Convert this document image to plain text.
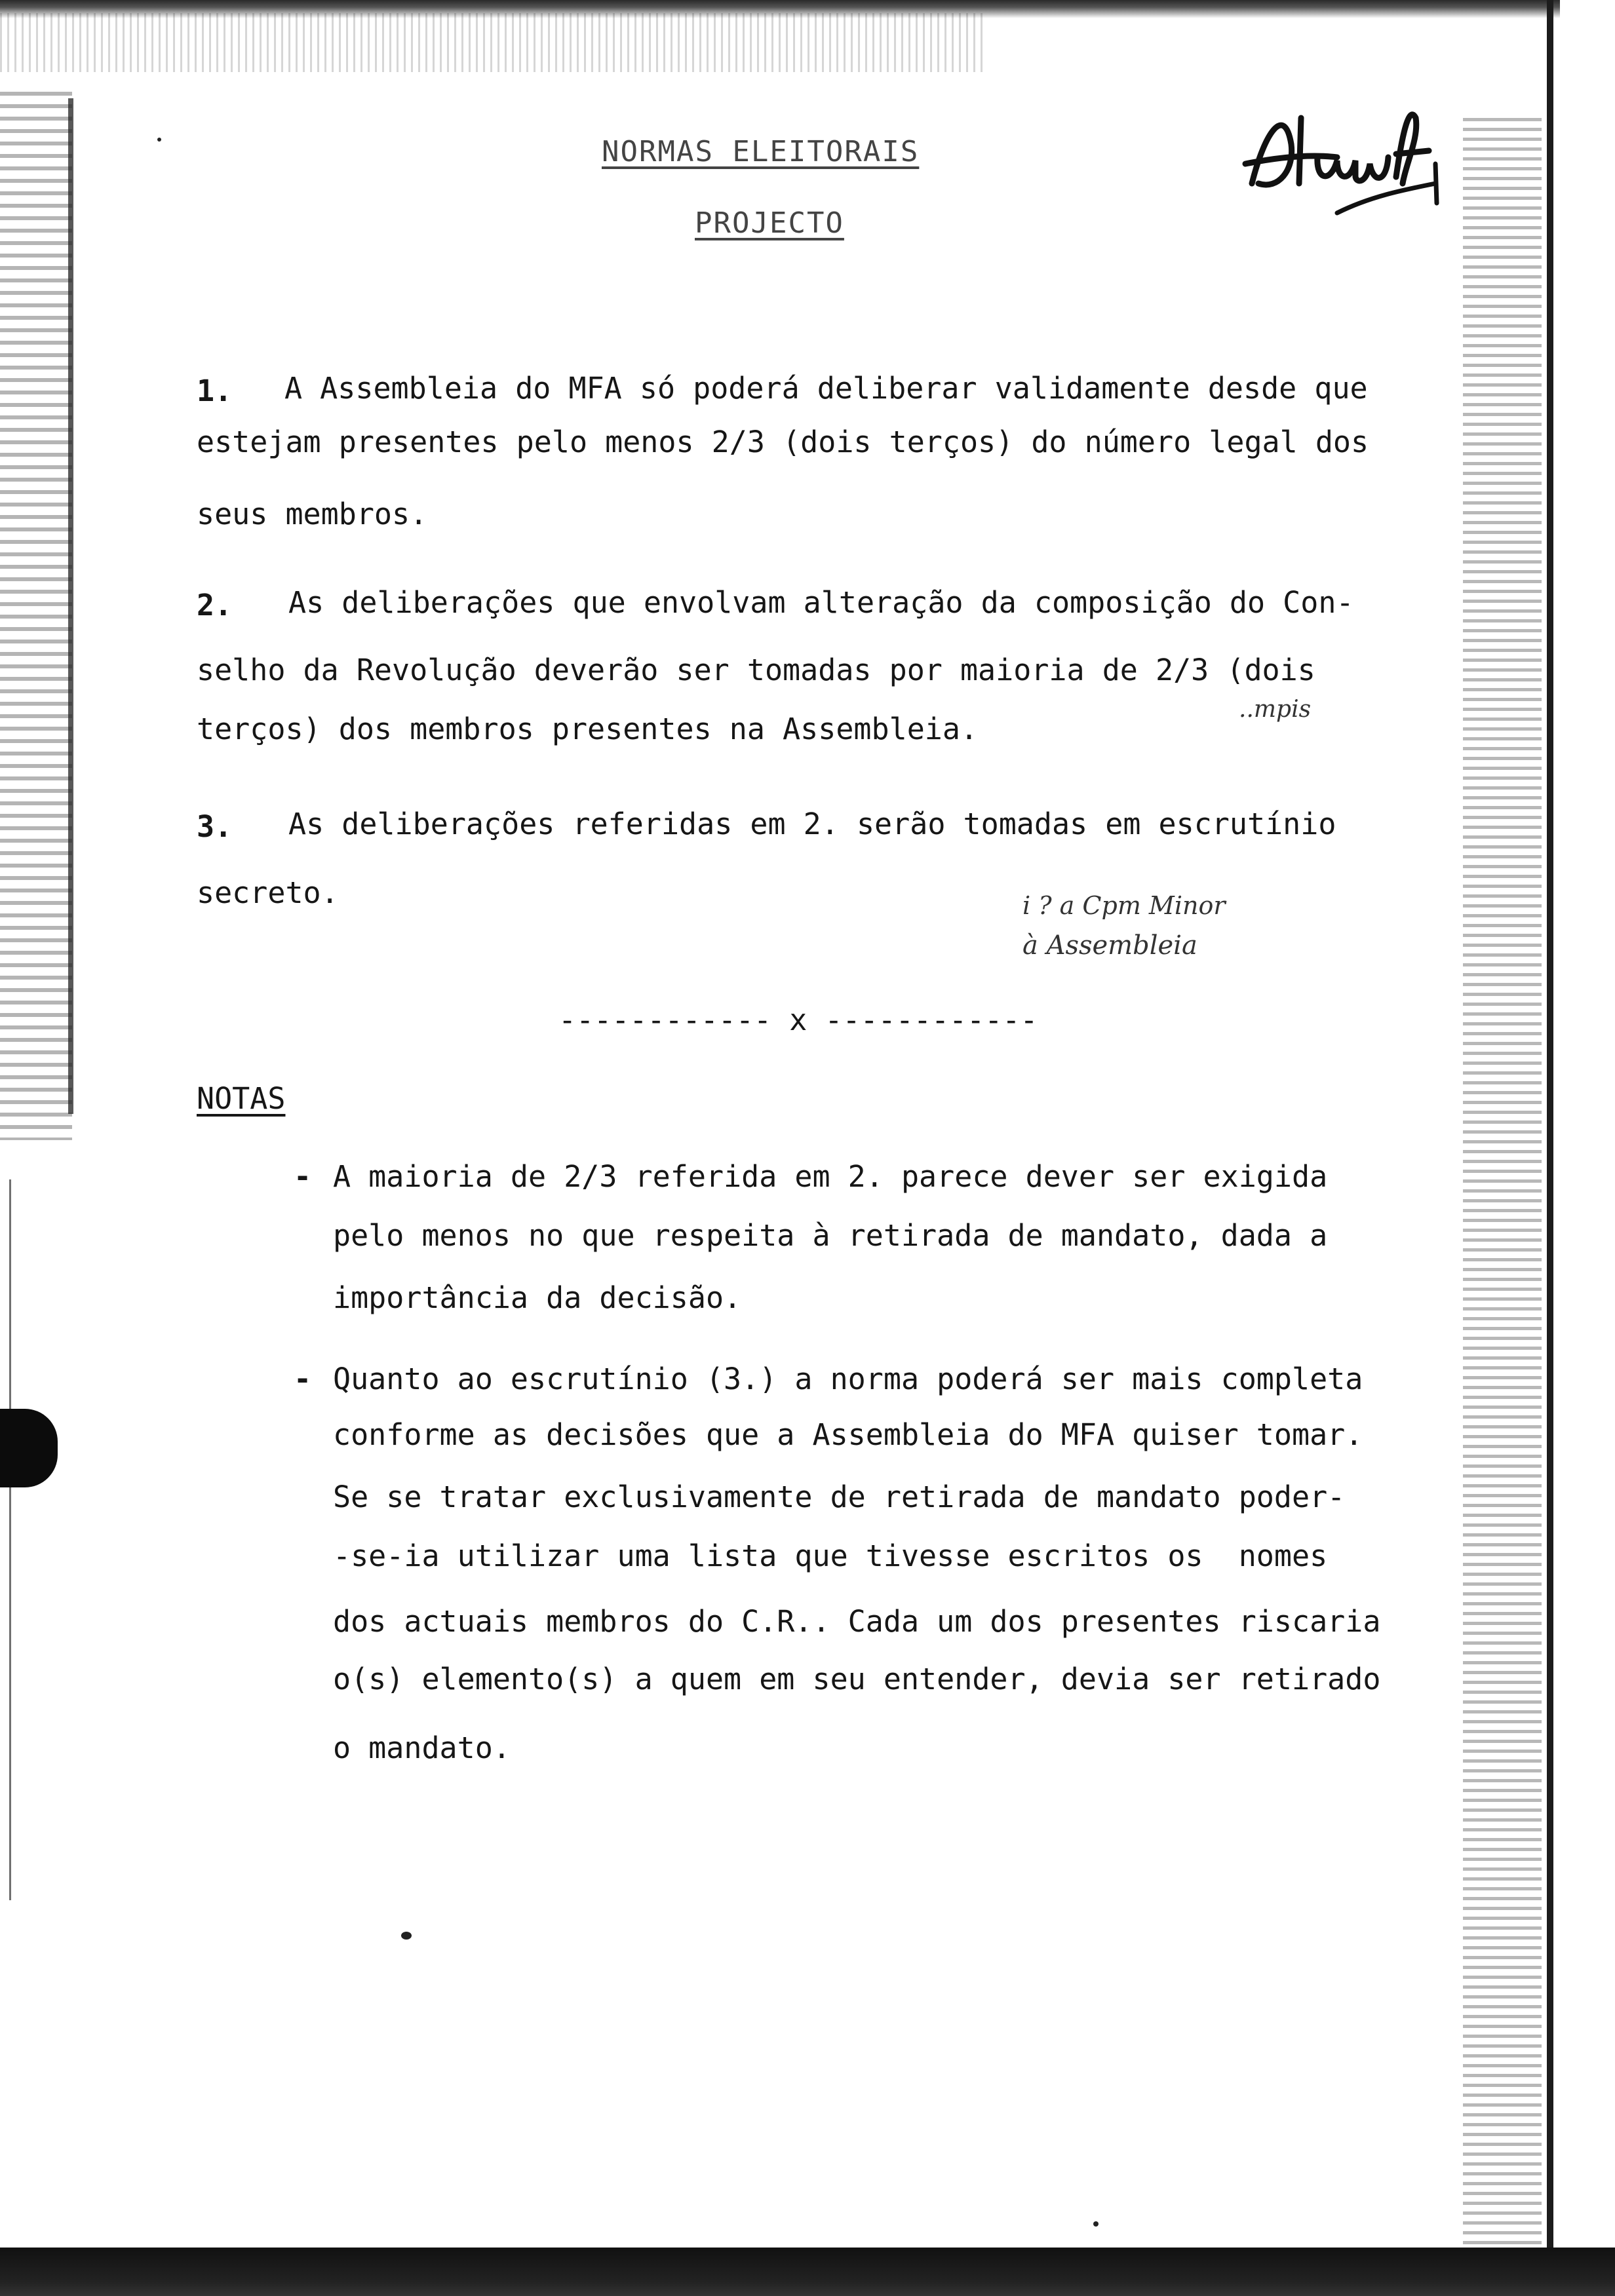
NORMAS ELEITORAIS
PROJECTO
1. A Assembleia do MFA só poderá deliberar validamente desde que
estejam presentes pelo menos 2/3 (dois terços) do número legal dos
seus membros.
2. As deliberações que envolvam alteração da composição do Con-
selho da Revolução deverão ser tomadas por maioria de 2/3 (dois
terços) dos membros presentes na Assembleia.
..mpis
3. As deliberações referidas em 2. serão tomadas em escrutínio
secreto.	i ? a Cpm Minor
à Assembleia
------------ x ------------
NOTAS
- A maioria de 2/3 referida em 2. parece dever ser exigida
pelo menos no que respeita à retirada de mandato, dada a
importância da decisão.
- Quanto ao escrutínio (3.) a norma poderá ser mais completa
conforme as decisões que a Assembleia do MFA quiser tomar.
Se se tratar exclusivamente de retirada de mandato poder-
-se-ia utilizar uma lista que tivesse escritos os  nomes
dos actuais membros do C.R.. Cada um dos presentes riscaria
o(s) elemento(s) a quem em seu entender, devia ser retirado
o mandato.
